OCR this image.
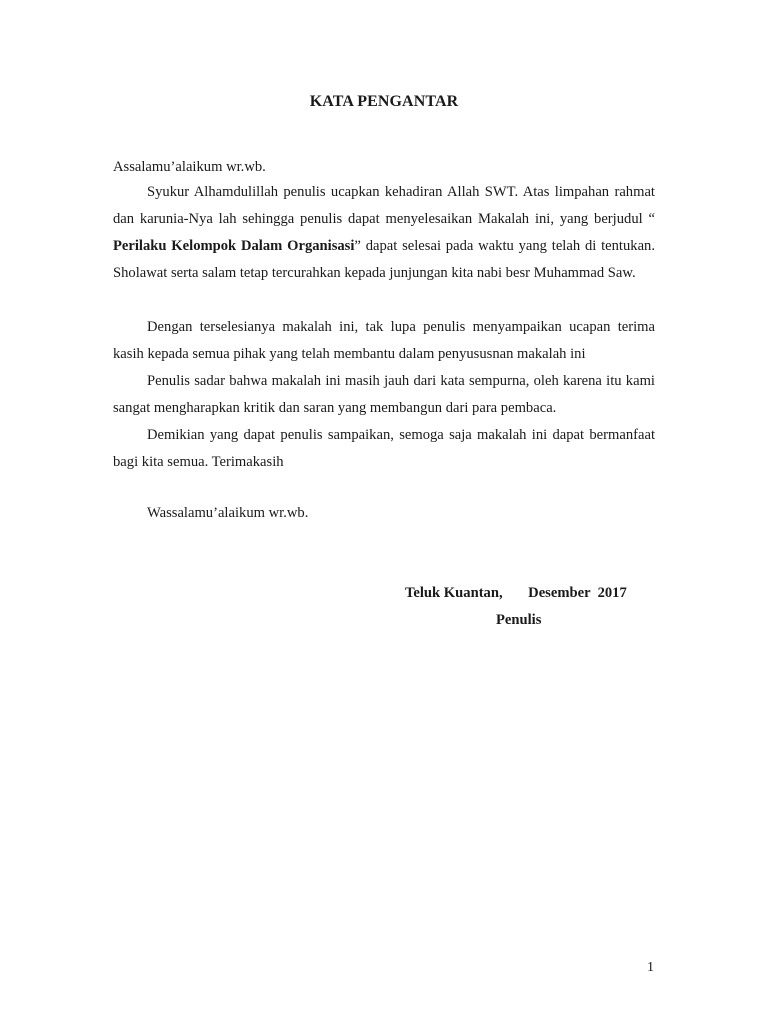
KATA PENGANTAR
Assalamu’alaikum wr.wb.

Syukur Alhamdulillah penulis ucapkan kehadiran Allah SWT. Atas limpahan rahmat dan karunia-Nya lah sehingga penulis dapat menyelesaikan Makalah ini, yang berjudul “ Perilaku Kelompok Dalam Organisasi” dapat selesai pada waktu yang telah di tentukan. Sholawat serta salam tetap tercurahkan kepada junjungan kita nabi besr Muhammad Saw.

Dengan terselesianya makalah ini, tak lupa penulis menyampaikan ucapan terima kasih kepada semua pihak yang telah membantu dalam penyususnan makalah ini

Penulis sadar bahwa makalah ini masih jauh dari kata sempurna, oleh karena itu kami sangat mengharapkan kritik dan saran yang membangun dari para pembaca.

Demikian yang dapat penulis sampaikan, semoga saja makalah ini dapat bermanfaat bagi kita semua. Terimakasih

Wassalamu’alaikum wr.wb.
Teluk Kuantan,       Desember  2017
Penulis
1
